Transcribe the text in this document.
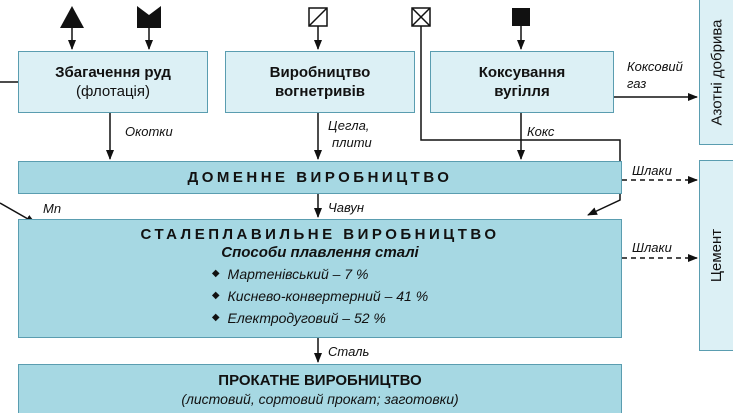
Збагачення руд
(флотація)
Виробництво
вогнетривів
Коксування
вугілля
ДОМЕННЕ ВИРОБНИЦТВО
СТАЛЕПЛАВИЛЬНЕ ВИРОБНИЦТВО
Способи плавлення сталі
◆ Мартенівський – 7 %
◆ Киснево-конвертерний – 41 %
◆ Електродуговий – 52 %
ПРОКАТНЕ ВИРОБНИЦТВО
(листовий, сортовий прокат; заготовки)
Азотні добрива
Цемент
Окотки	Цегла,
плити
Кокс
Коксовий
газ
Шлаки
Шлаки
Mn	Чавун
Сталь
